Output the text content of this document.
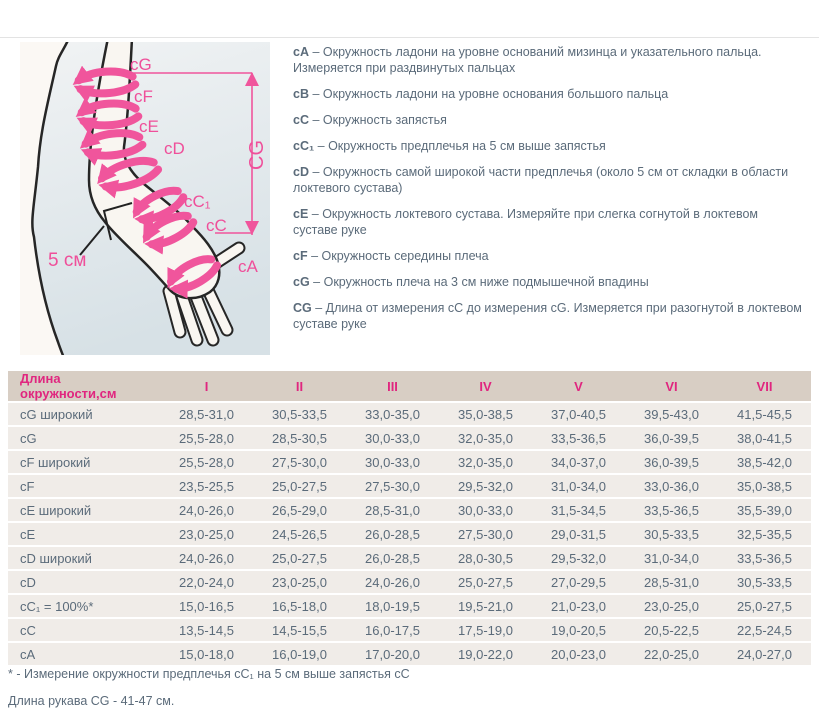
cG
cF
cE
cD
cC₁
cC
cA
5 см
CG

cA – Окружность ладони на уровне оснований мизинца и указательного пальца. Измеряется при раздвинутых пальцах

cB – Окружность ладони на уровне основания большого пальца

cC – Окружность запястья

cC₁ – Окружность предплечья на 5 см выше запястья

cD – Окружность самой широкой части предплечья (около 5 см от складки в области локтевого сустава)

cE – Окружность локтевого сустава. Измеряйте при слегка согнутой в локтевом суставе руке

cF – Окружность середины плеча

cG – Окружность плеча на 3 см ниже подмышечной впадины

CG – Длина от измерения cC до измерения cG. Измеряется при разогнутой в локтевом суставе руке

Длина окружности,см	I	II	III	IV	V	VI	VII
cG широкий	28,5-31,0	30,5-33,5	33,0-35,0	35,0-38,5	37,0-40,5	39,5-43,0	41,5-45,5
cG	25,5-28,0	28,5-30,5	30,0-33,0	32,0-35,0	33,5-36,5	36,0-39,5	38,0-41,5
cF широкий	25,5-28,0	27,5-30,0	30,0-33,0	32,0-35,0	34,0-37,0	36,0-39,5	38,5-42,0
cF	23,5-25,5	25,0-27,5	27,5-30,0	29,5-32,0	31,0-34,0	33,0-36,0	35,0-38,5
cE широкий	24,0-26,0	26,5-29,0	28,5-31,0	30,0-33,0	31,5-34,5	33,5-36,5	35,5-39,0
cE	23,0-25,0	24,5-26,5	26,0-28,5	27,5-30,0	29,0-31,5	30,5-33,5	32,5-35,5
cD широкий	24,0-26,0	25,0-27,5	26,0-28,5	28,0-30,5	29,5-32,0	31,0-34,0	33,5-36,5
cD	22,0-24,0	23,0-25,0	24,0-26,0	25,0-27,5	27,0-29,5	28,5-31,0	30,5-33,5
cC₁ = 100%*	15,0-16,5	16,5-18,0	18,0-19,5	19,5-21,0	21,0-23,0	23,0-25,0	25,0-27,5
cC	13,5-14,5	14,5-15,5	16,0-17,5	17,5-19,0	19,0-20,5	20,5-22,5	22,5-24,5
cA	15,0-18,0	16,0-19,0	17,0-20,0	19,0-22,0	20,0-23,0	22,0-25,0	24,0-27,0

* - Измерение окружности предплечья cC₁ на 5 см выше запястья cC

Длина рукава CG - 41-47 см.
